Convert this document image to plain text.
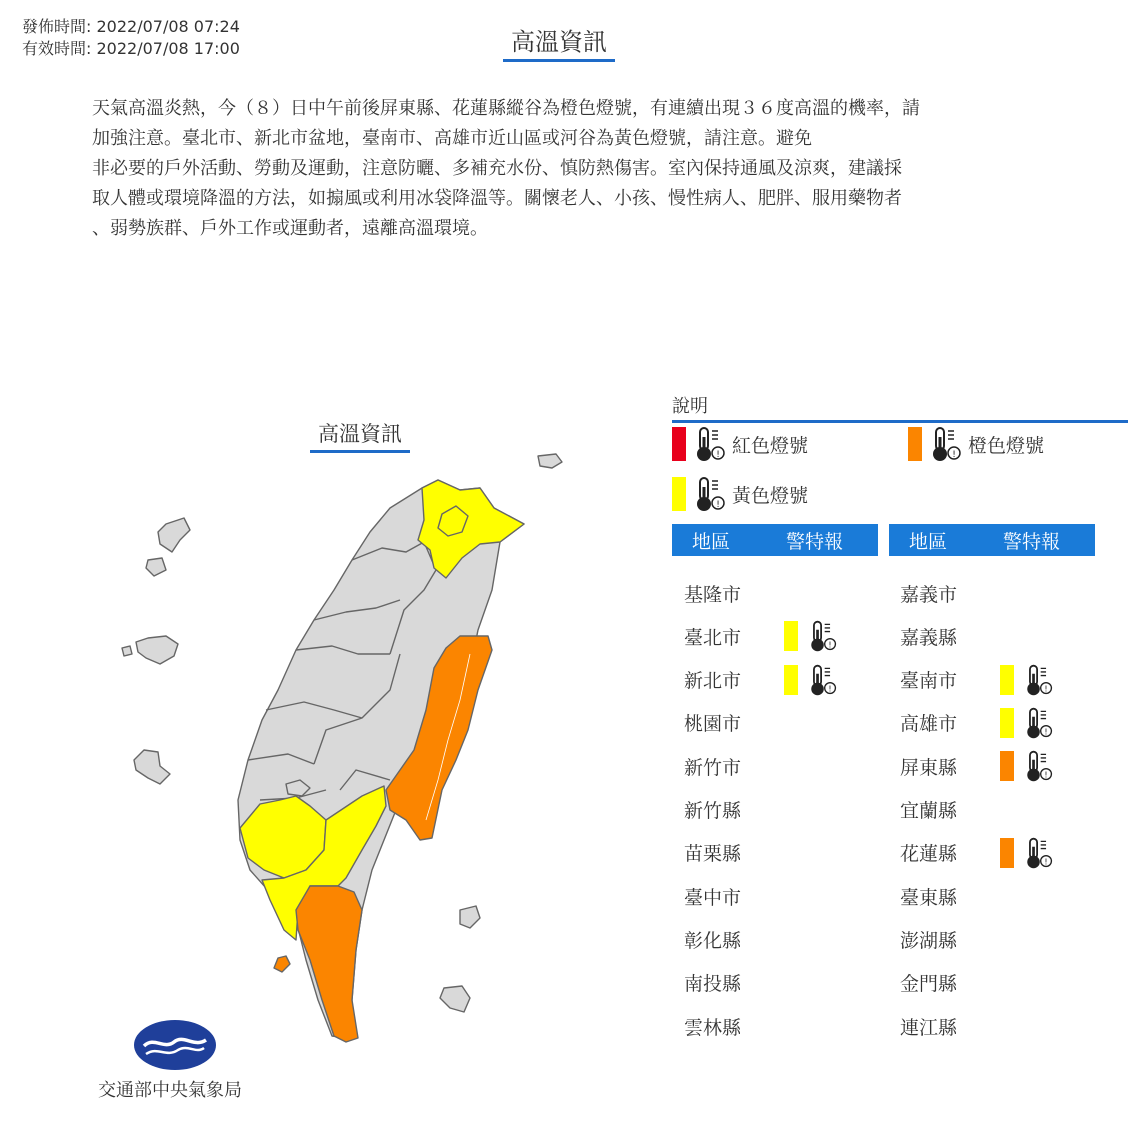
發佈時間: 2022/07/08 07:24
有效時間: 2022/07/08 17:00	高溫資訊
天氣高溫炎熱，今（８）日中午前後屏東縣、花蓮縣縱谷為橙色燈號，有連續出現３６度高溫的機率，請
加強注意。臺北市、新北市盆地，臺南市、高雄市近山區或河谷為黃色燈號，請注意。避免
非必要的戶外活動、勞動及運動，注意防曬、多補充水份、慎防熱傷害。室內保持通風及涼爽，建議採
取人體或環境降溫的方法，如搧風或利用冰袋降溫等。關懷老人、小孩、慢性病人、肥胖、服用藥物者
、弱勢族群、戶外工作或運動者，遠離高溫環境。
高溫資訊
交通部中央氣象局
說明
! 紅色燈號	! 橙色燈號
! 黃色燈號
地區	警特報	地區	警特報
基隆市
臺北市	!
新北市	!
桃園市
新竹市
新竹縣
苗栗縣
臺中市
彰化縣
南投縣
雲林縣
嘉義市
嘉義縣
臺南市	!
高雄市	!
屏東縣	!
宜蘭縣
花蓮縣	!
臺東縣
澎湖縣
金門縣
連江縣
